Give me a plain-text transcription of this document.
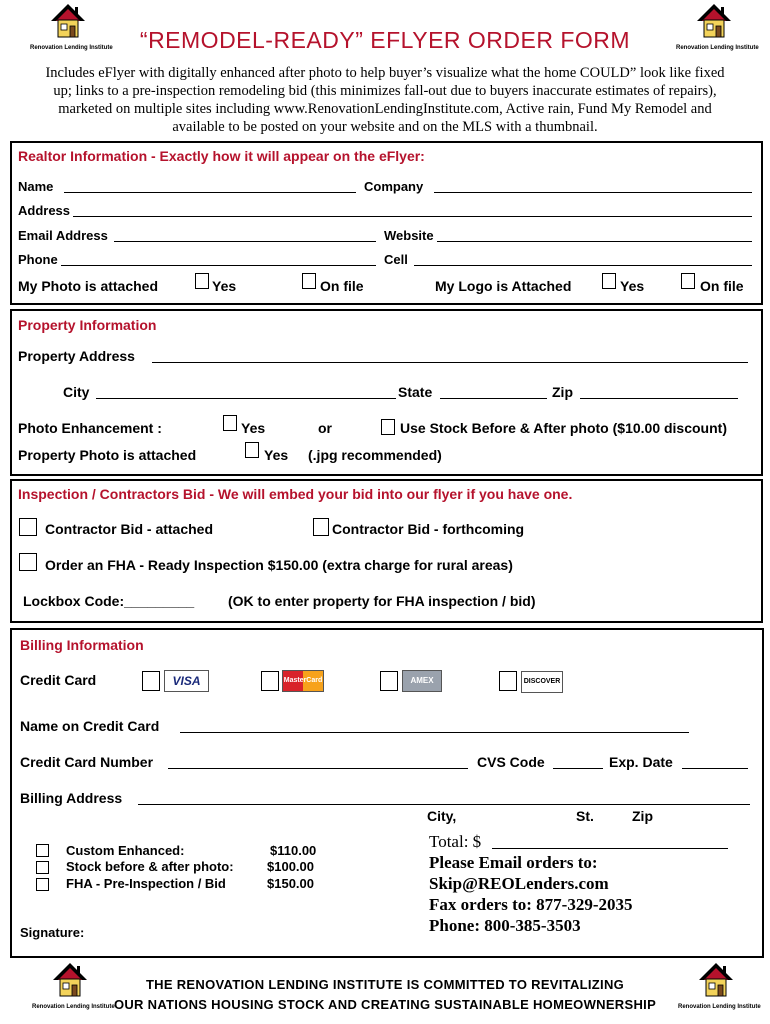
Renovation Lending Institute	Renovation Lending Institute
“REMODEL-READY” EFLYER ORDER FORM
Includes eFlyer with digitally enhanced after photo to help buyer’s visualize what the home COULD” look like fixed
up; links to a pre-inspection remodeling bid (this minimizes fall-out due to buyers inaccurate estimates of repairs),
marketed on multiple sites including www.RenovationLendingInstitute.com, Active rain, Fund My Remodel and
available to be posted on your website and on the MLS with a thumbnail.
Realtor Information - Exactly how it will appear on the eFlyer:
Name	Company
Address
Email Address	Website
Phone	Cell
My Photo is attached	Yes	On file	My Logo is Attached	Yes	On file
Property Information
Property Address
City	State	Zip
Photo Enhancement :	Yes	or	Use Stock Before & After photo ($10.00 discount)
Property Photo is attached	Yes (.jpg recommended)
Inspection / Contractors Bid - We will embed your bid into our flyer if you have one.
Contractor Bid - attached	Contractor Bid - forthcoming
Order an FHA - Ready Inspection $150.00 (extra charge for rural areas)
Lockbox Code:_________ (OK to enter property for FHA inspection / bid)
Billing Information
Credit Card	VISA	MasterCard	AMEX	DISCOVER
Name on Credit Card
Credit Card Number	CVS Code	Exp. Date
Billing Address
City,	St.	Zip
Custom Enhanced:	$110.00
Stock before & after photo:	$100.00
FHA - Pre-Inspection / Bid	$150.00
Signature:
Total: $
Please Email orders to:
Skip@REOLenders.com
Fax orders to: 877-329-2035
Phone: 800-385-3503
Renovation Lending Institute	Renovation Lending Institute
THE RENOVATION LENDING INSTITUTE IS COMMITTED TO REVITALIZING
OUR NATIONS HOUSING STOCK AND CREATING SUSTAINABLE HOMEOWNERSHIP
